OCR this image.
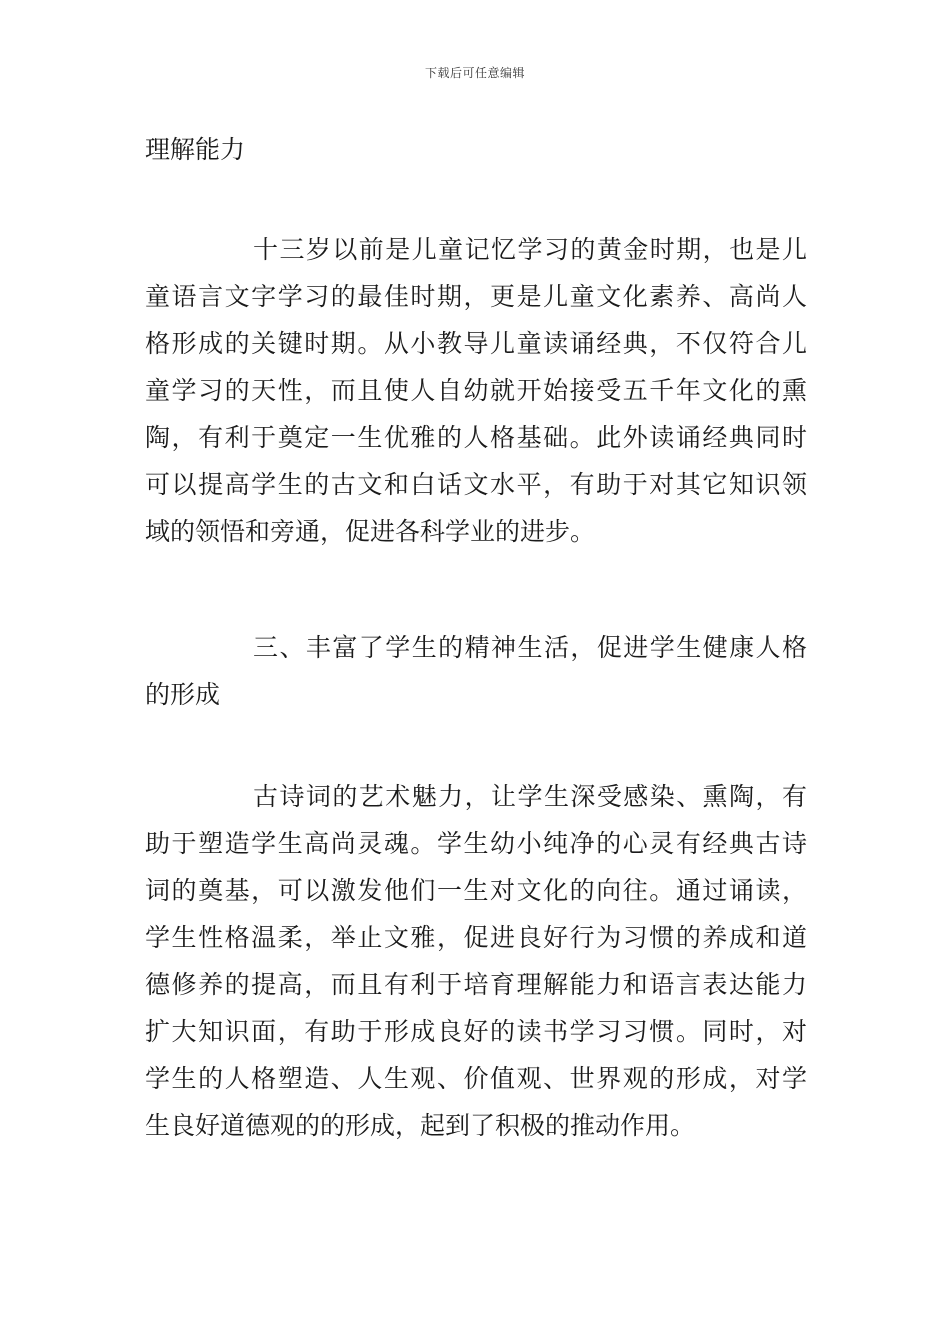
下载后可任意编辑
理解能力
十三岁以前是儿童记忆学习的黄金时期，也是儿
童语言文字学习的最佳时期，更是儿童文化素养、高尚人
格形成的关键时期。从小教导儿童读诵经典，不仅符合儿
童学习的天性，而且使人自幼就开始接受五千年文化的熏
陶，有利于奠定一生优雅的人格基础。此外读诵经典同时
可以提高学生的古文和白话文水平，有助于对其它知识领
域的领悟和旁通，促进各科学业的进步。
三、丰富了学生的精神生活，促进学生健康人格
的形成
古诗词的艺术魅力，让学生深受感染、熏陶，有
助于塑造学生高尚灵魂。学生幼小纯净的心灵有经典古诗
词的奠基，可以激发他们一生对文化的向往。通过诵读，
学生性格温柔，举止文雅，促进良好行为习惯的养成和道
德修养的提高，而且有利于培育理解能力和语言表达能力
扩大知识面，有助于形成良好的读书学习习惯。同时，对
学生的人格塑造、人生观、价值观、世界观的形成，对学
生良好道德观的的形成，起到了积极的推动作用。
